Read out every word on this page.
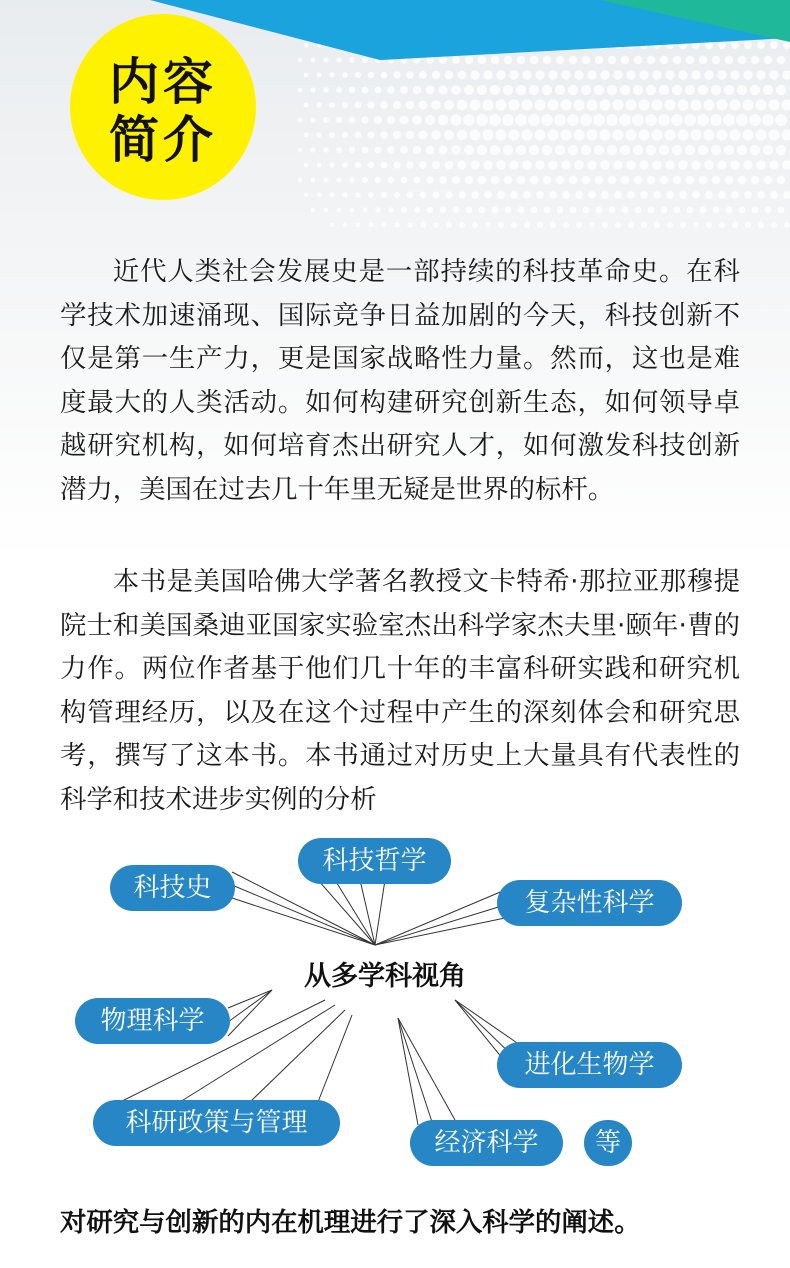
内容
简介

近代人类社会发展史是一部持续的科技革命史。在科学技术加速涌现、国际竞争日益加剧的今天，科技创新不仅是第一生产力，更是国家战略性力量。然而，这也是难度最大的人类活动。如何构建研究创新生态，如何领导卓越研究机构，如何培育杰出研究人才，如何激发科技创新潜力，美国在过去几十年里无疑是世界的标杆。

本书是美国哈佛大学著名教授文卡特希·那拉亚那穆提院士和美国桑迪亚国家实验室杰出科学家杰夫里·颐年·曹的力作。两位作者基于他们几十年的丰富科研实践和研究机构管理经历，以及在这个过程中产生的深刻体会和研究思考，撰写了这本书。本书通过对历史上大量具有代表性的科学和技术进步实例的分析

科技史
科技哲学
复杂性科学
从多学科视角
物理科学
进化生物学
科研政策与管理
经济科学	等

对研究与创新的内在机理进行了深入科学的阐述。
